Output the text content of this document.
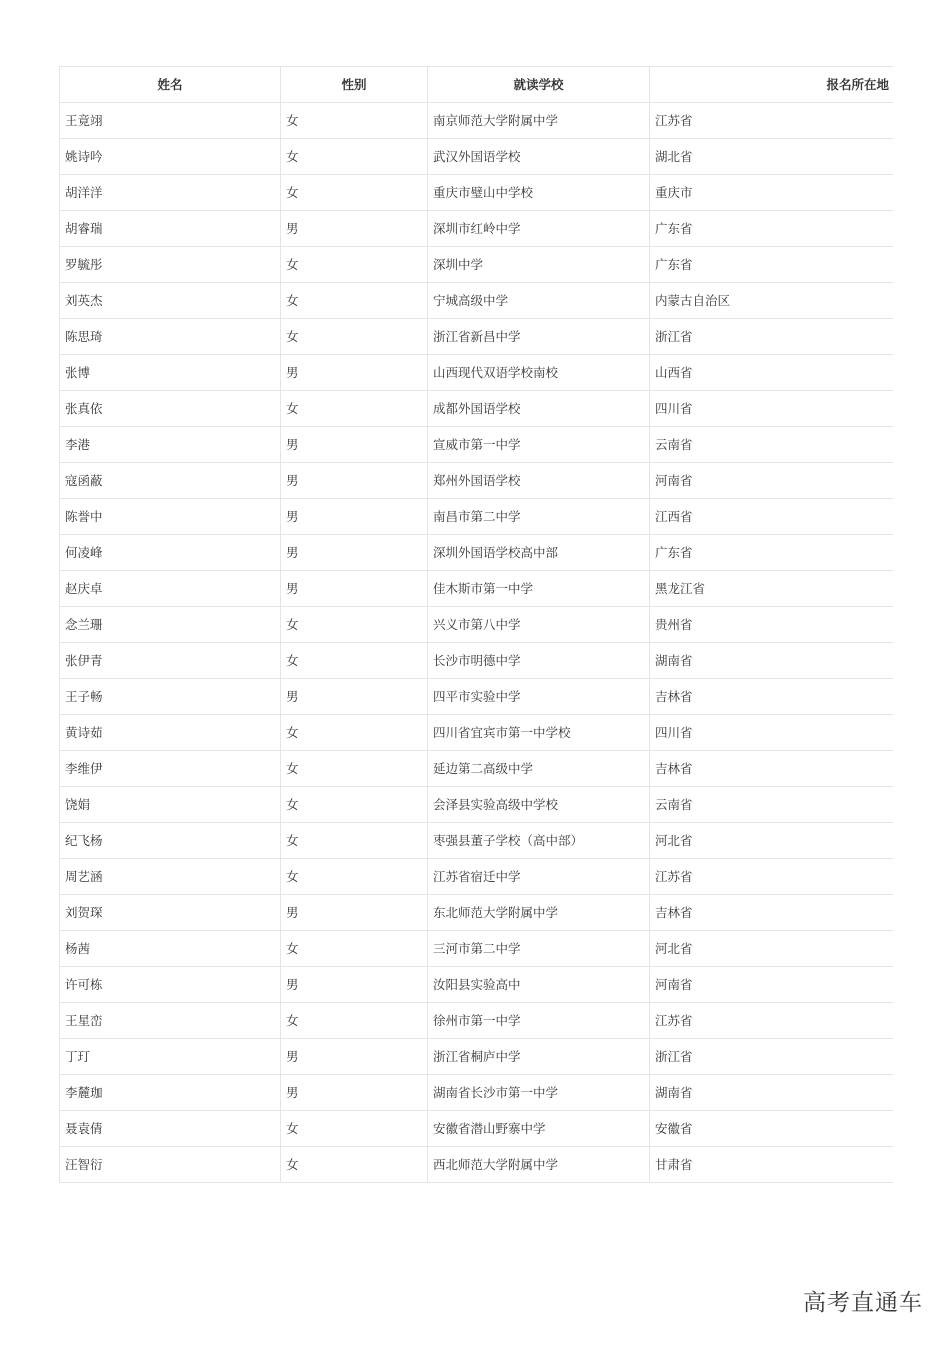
姓名	性别	就读学校	报名所在地
王竟翊	女	南京师范大学附属中学	江苏省
姚诗吟	女	武汉外国语学校	湖北省
胡洋洋	女	重庆市璧山中学校	重庆市
胡睿瑞	男	深圳市红岭中学	广东省
罗毓彤	女	深圳中学	广东省
刘英杰	女	宁城高级中学	内蒙古自治区
陈思琦	女	浙江省新昌中学	浙江省
张博	男	山西现代双语学校南校	山西省
张真依	女	成都外国语学校	四川省
李港	男	宣威市第一中学	云南省
寇函蔽	男	郑州外国语学校	河南省
陈誉中	男	南昌市第二中学	江西省
何凌峰	男	深圳外国语学校高中部	广东省
赵庆卓	男	佳木斯市第一中学	黑龙江省
念兰珊	女	兴义市第八中学	贵州省
张伊青	女	长沙市明德中学	湖南省
王子畅	男	四平市实验中学	吉林省
黄诗茹	女	四川省宜宾市第一中学校	四川省
李维伊	女	延边第二高级中学	吉林省
饶娟	女	会泽县实验高级中学校	云南省
纪飞杨	女	枣强县董子学校（高中部）	河北省
周艺涵	女	江苏省宿迁中学	江苏省
刘贺琛	男	东北师范大学附属中学	吉林省
杨茜	女	三河市第二中学	河北省
许可栋	男	汝阳县实验高中	河南省
王星峦	女	徐州市第一中学	江苏省
丁玎	男	浙江省桐庐中学	浙江省
李麓珈	男	湖南省长沙市第一中学	湖南省
聂袁倩	女	安徽省潜山野寨中学	安徽省
汪智衍	女	西北师范大学附属中学	甘肃省
高考直通车
